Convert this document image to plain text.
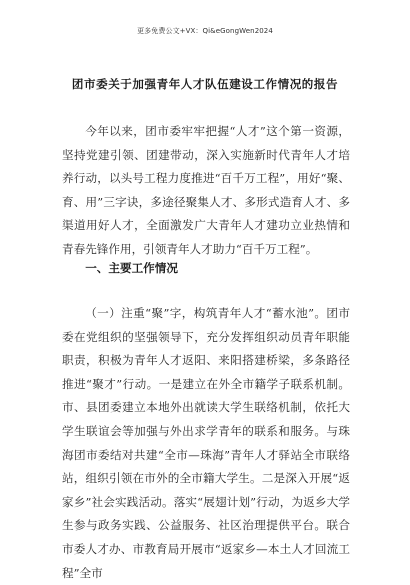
更多免费公文+VX：Qi&eGongWen2024
团市委关于加强青年人才队伍建设工作情况的报告
今年以来，团市委牢牢把握“人才”这个第一资源，坚持党建引领、团建带动，深入实施新时代青年人才培养行动，以头号工程力度推进“百千万工程”，用好“聚、育、用”三字诀，多途径聚集人才、多形式造育人才、多渠道用好人才，全面激发广大青年人才建功立业热情和青春先锋作用，引领青年人才助力“百千万工程”。
一、主要工作情况
（一）注重“聚”字，构筑青年人才“蓄水池”。团市委在党组织的坚强领导下，充分发挥组织动员青年职能职责，积极为青年人才返阳、来阳搭建桥梁，多条路径推进“聚才”行动。一是建立在外全市籍学子联系机制。市、县团委建立本地外出就读大学生联络机制，依托大学生联谊会等加强与外出求学青年的联系和服务。与珠海团市委结对共建“全市—珠海”青年人才驿站全市联络站，组织引领在市外的全市籍大学生。二是深入开展“返家乡”社会实践活动。落实“展翅计划”行动，为返乡大学生参与政务实践、公益服务、社区治理提供平台。联合市委人才办、市教育局开展市“返家乡—本土人才回流工程”全市
